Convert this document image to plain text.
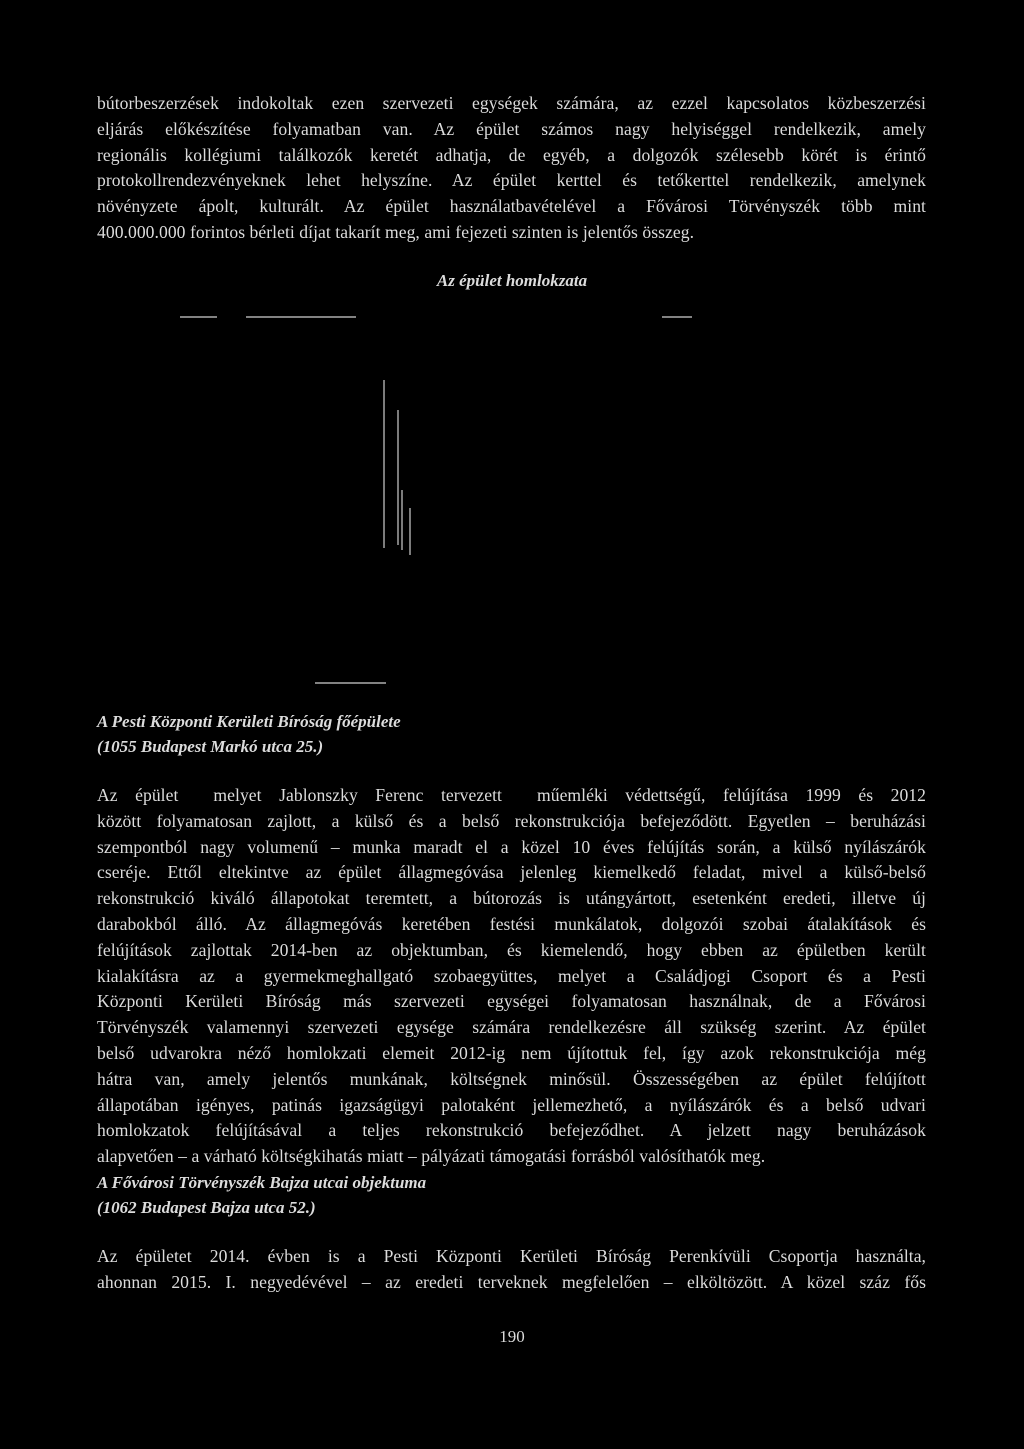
bútorbeszerzések indokoltak ezen szervezeti egységek számára, az ezzel kapcsolatos közbeszerzési
eljárás előkészítése folyamatban van. Az épület számos nagy helyiséggel rendelkezik, amely
regionális kollégiumi találkozók keretét adhatja, de egyéb, a dolgozók szélesebb körét is érintő
protokollrendezvényeknek lehet helyszíne. Az épület kerttel és tetőkerttel rendelkezik, amelynek
növényzete ápolt, kulturált. Az épület használatbavételével a Fővárosi Törvényszék több mint
400.000.000 forintos bérleti díjat takarít meg, ami fejezeti szinten is jelentős összeg.
Az épület homlokzata
A Pesti Központi Kerületi Bíróság főépülete
(1055 Budapest Markó utca 25.)
Az épület  melyet Jablonszky Ferenc tervezett  műemléki védettségű, felújítása 1999 és 2012
között folyamatosan zajlott, a külső és a belső rekonstrukciója befejeződött. Egyetlen – beruházási
szempontból nagy volumenű – munka maradt el a közel 10 éves felújítás során, a külső nyílászárók
cseréje. Ettől eltekintve az épület állagmegóvása jelenleg kiemelkedő feladat, mivel a külső-belső
rekonstrukció kiváló állapotokat teremtett, a bútorozás is utángyártott, esetenként eredeti, illetve új
darabokból álló. Az állagmegóvás keretében festési munkálatok, dolgozói szobai átalakítások és
felújítások zajlottak 2014-ben az objektumban, és kiemelendő, hogy ebben az épületben került
kialakításra az a gyermekmeghallgató szobaegyüttes, melyet a Családjogi Csoport és a Pesti
Központi Kerületi Bíróság más szervezeti egységei folyamatosan használnak, de a Fővárosi
Törvényszék valamennyi szervezeti egysége számára rendelkezésre áll szükség szerint. Az épület
belső udvarokra néző homlokzati elemeit 2012-ig nem újítottuk fel, így azok rekonstrukciója még
hátra van, amely jelentős munkának, költségnek minősül. Összességében az épület felújított
állapotában igényes, patinás igazságügyi palotaként jellemezhető, a nyílászárók és a belső udvari
homlokzatok felújításával a teljes rekonstrukció befejeződhet. A jelzett nagy beruházások
alapvetően – a várható költségkihatás miatt – pályázati támogatási forrásból valósíthatók meg.
A Fővárosi Törvényszék Bajza utcai objektuma
(1062 Budapest Bajza utca 52.)
Az épületet 2014. évben is a Pesti Központi Kerületi Bíróság Perenkívüli Csoportja használta,
ahonnan 2015. I. negyedévével – az eredeti terveknek megfelelően – elköltözött. A közel száz fős
190
